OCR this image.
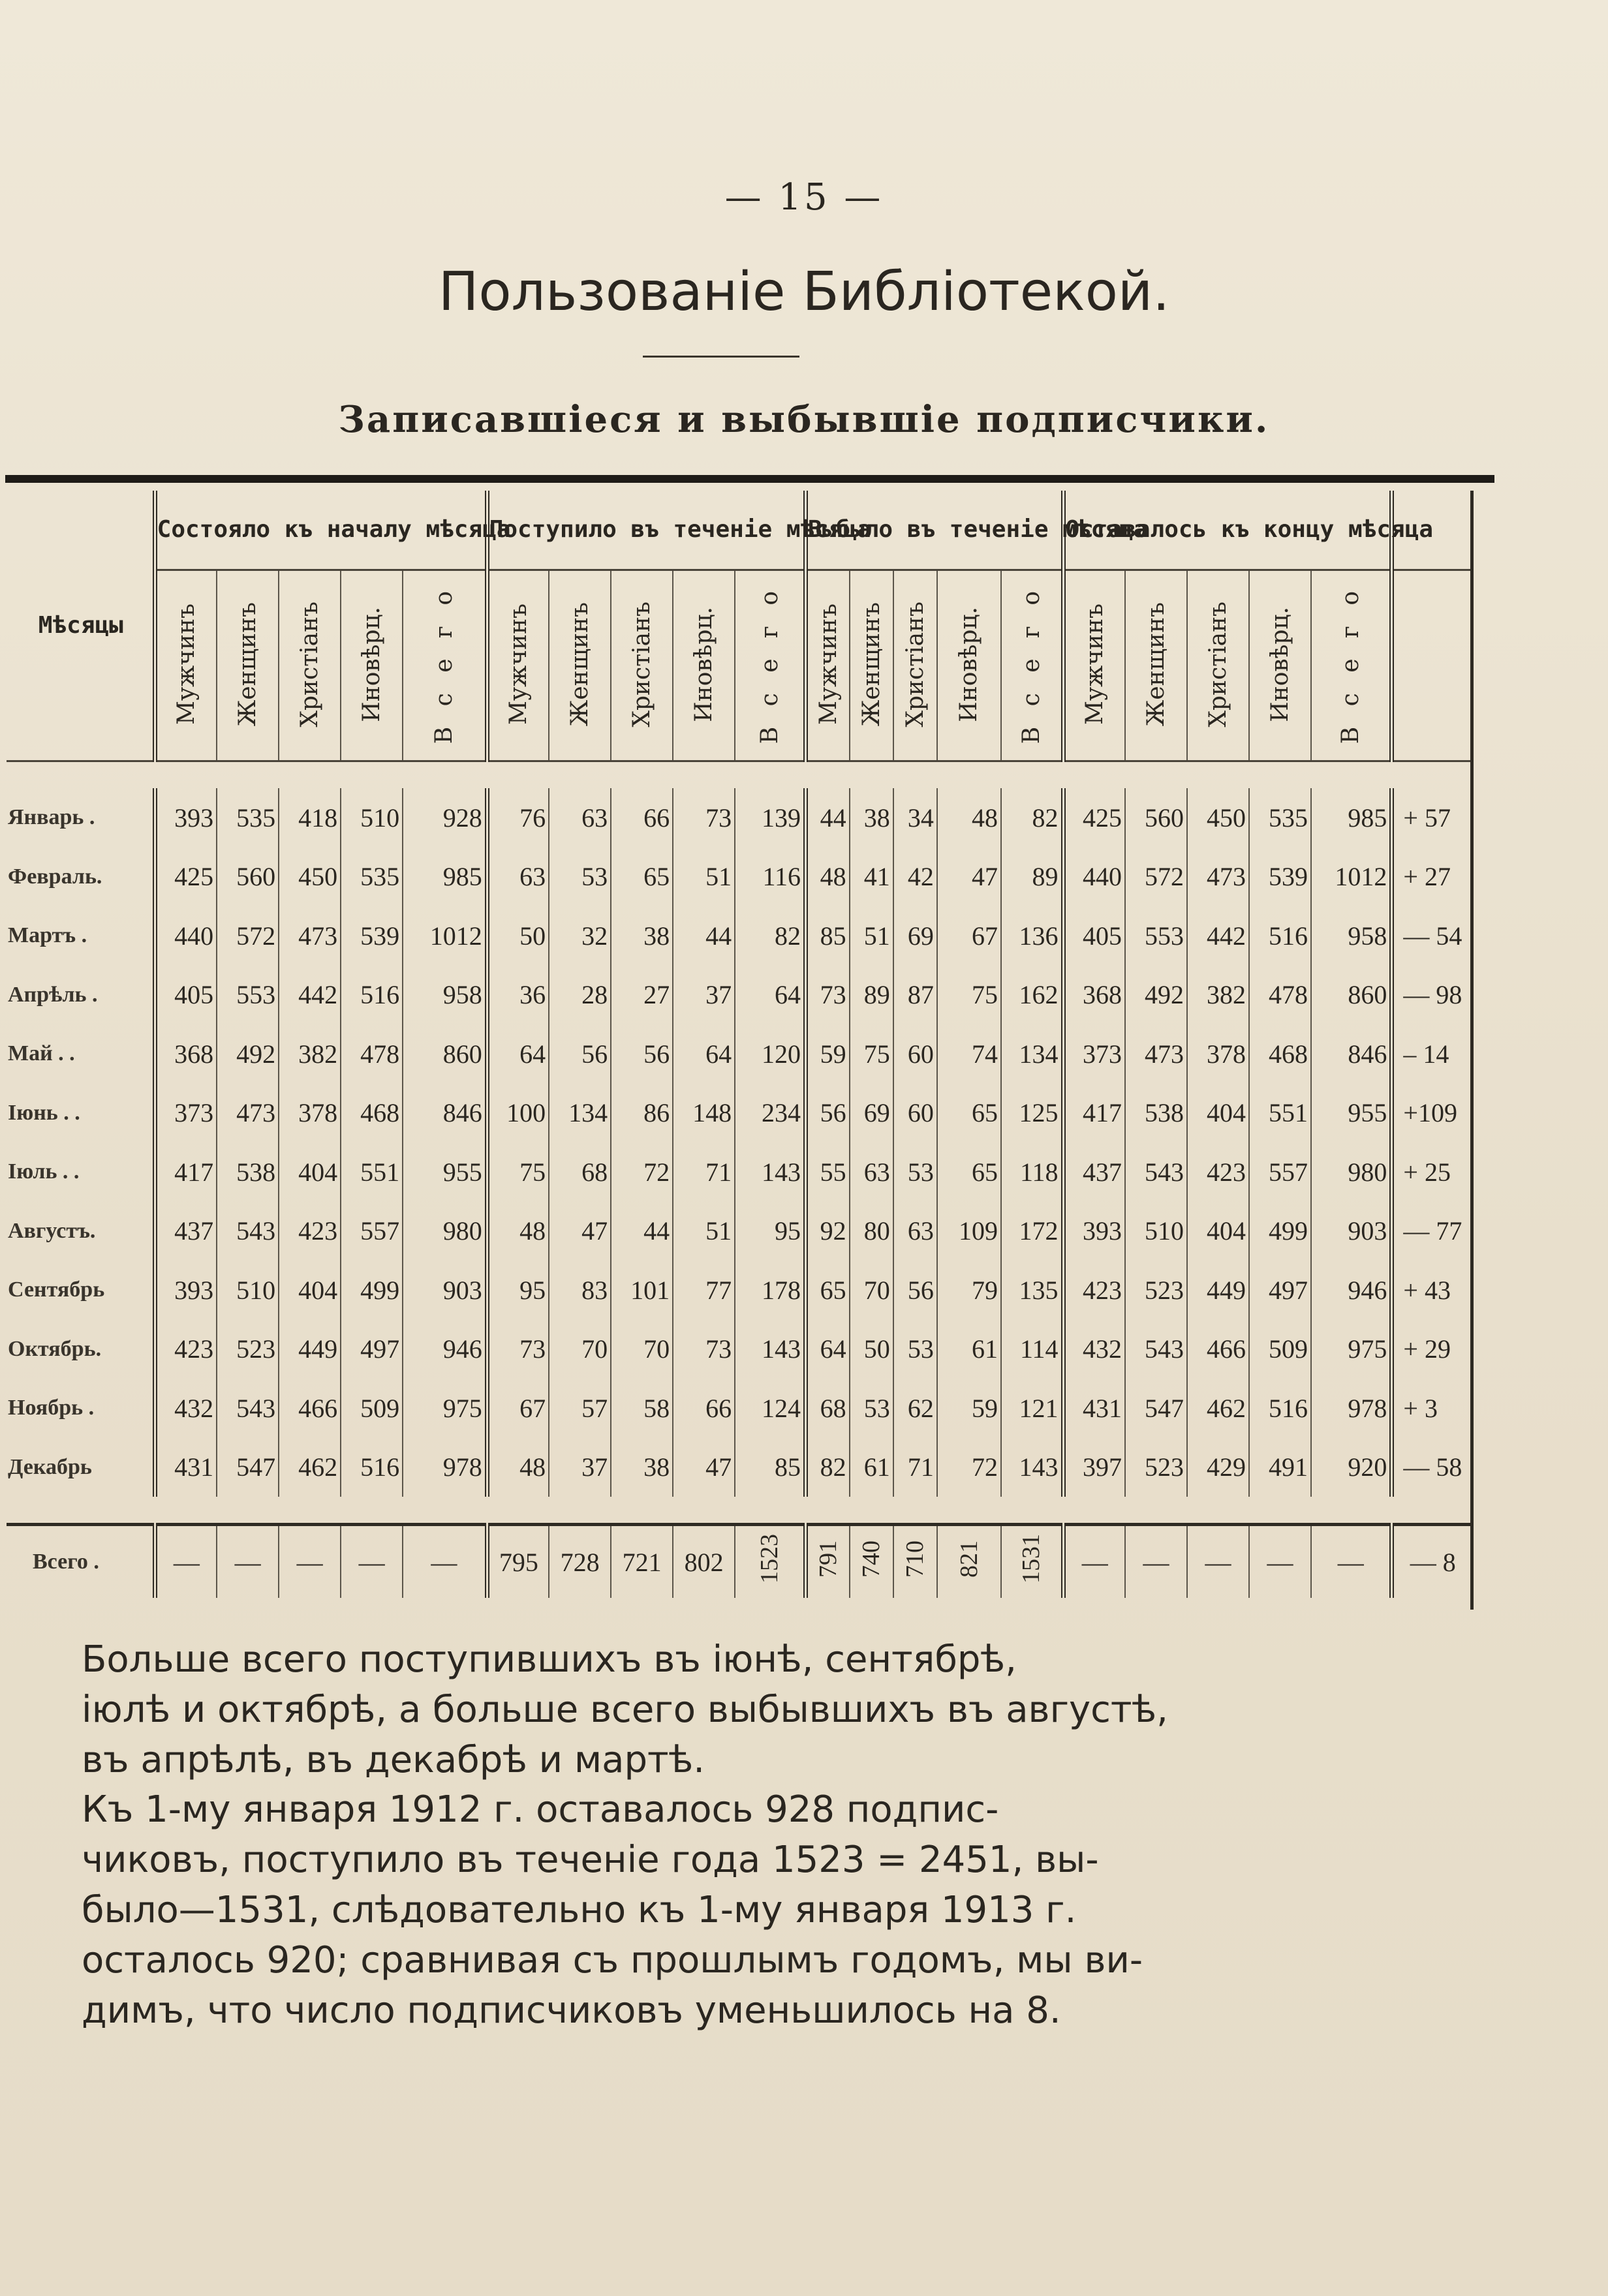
— 15 —
Пользованіе Библіотекой.
Записавшіеся и выбывшіе подписчики.
Мѣсяцы	Состояло къ началу мѣсяца					Поступило въ теченіе мѣсяца					Выбыло въ теченіе мѣсяца					Оставалось къ концу мѣсяца					
	Мужчинъ	Женщинъ	Христіанъ	Иновѣрц.	В с е г о	Мужчинъ	Женщинъ	Христіанъ	Иновѣрц.	В с е г о	Мужчинъ	Женщинъ	Христіанъ	Иновѣрц.	В с е г о	Мужчинъ	Женщинъ	Христіанъ	Иновѣрц.	В с е г о	

Январь .	393	535	418	510	928	76	63	66	73	139	44	38	34	48	82	425	560	450	535	985	+ 57
Февраль.	425	560	450	535	985	63	53	65	51	116	48	41	42	47	89	440	572	473	539	1012	+ 27
Мартъ .	440	572	473	539	1012	50	32	38	44	82	85	51	69	67	136	405	553	442	516	958	— 54
Апрѣль .	405	553	442	516	958	36	28	27	37	64	73	89	87	75	162	368	492	382	478	860	— 98
Май . .	368	492	382	478	860	64	56	56	64	120	59	75	60	74	134	373	473	378	468	846	– 14
Іюнь . .	373	473	378	468	846	100	134	86	148	234	56	69	60	65	125	417	538	404	551	955	+109
Іюль . .	417	538	404	551	955	75	68	72	71	143	55	63	53	65	118	437	543	423	557	980	+ 25
Августъ.	437	543	423	557	980	48	47	44	51	95	92	80	63	109	172	393	510	404	499	903	— 77
Сентябрь	393	510	404	499	903	95	83	101	77	178	65	70	56	79	135	423	523	449	497	946	+ 43
Октябрь.	423	523	449	497	946	73	70	70	73	143	64	50	53	61	114	432	543	466	509	975	+ 29
Ноябрь .	432	543	466	509	975	67	57	58	66	124	68	53	62	59	121	431	547	462	516	978	+ 3
Декабрь	431	547	462	516	978	48	37	38	47	85	82	61	71	72	143	397	523	429	491	920	— 58

Всего .	—	—	—	—	—	795	728	721	802	1523	791	740	710	821	1531	—	—	—	—	—	— 8
Больше всего поступившихъ въ іюнѣ, сентябрѣ,
іюлѣ и октябрѣ, а больше всего выбывшихъ въ августѣ,
въ апрѣлѣ, въ декабрѣ и мартѣ.
Къ 1-му января 1912 г. оставалось 928 подпис-
чиковъ, поступило въ теченіе года 1523 = 2451, вы-
было—1531, слѣдовательно къ 1-му января 1913 г.
осталось 920; сравнивая съ прошлымъ годомъ, мы ви-
димъ, что число подписчиковъ уменьшилось на 8.
